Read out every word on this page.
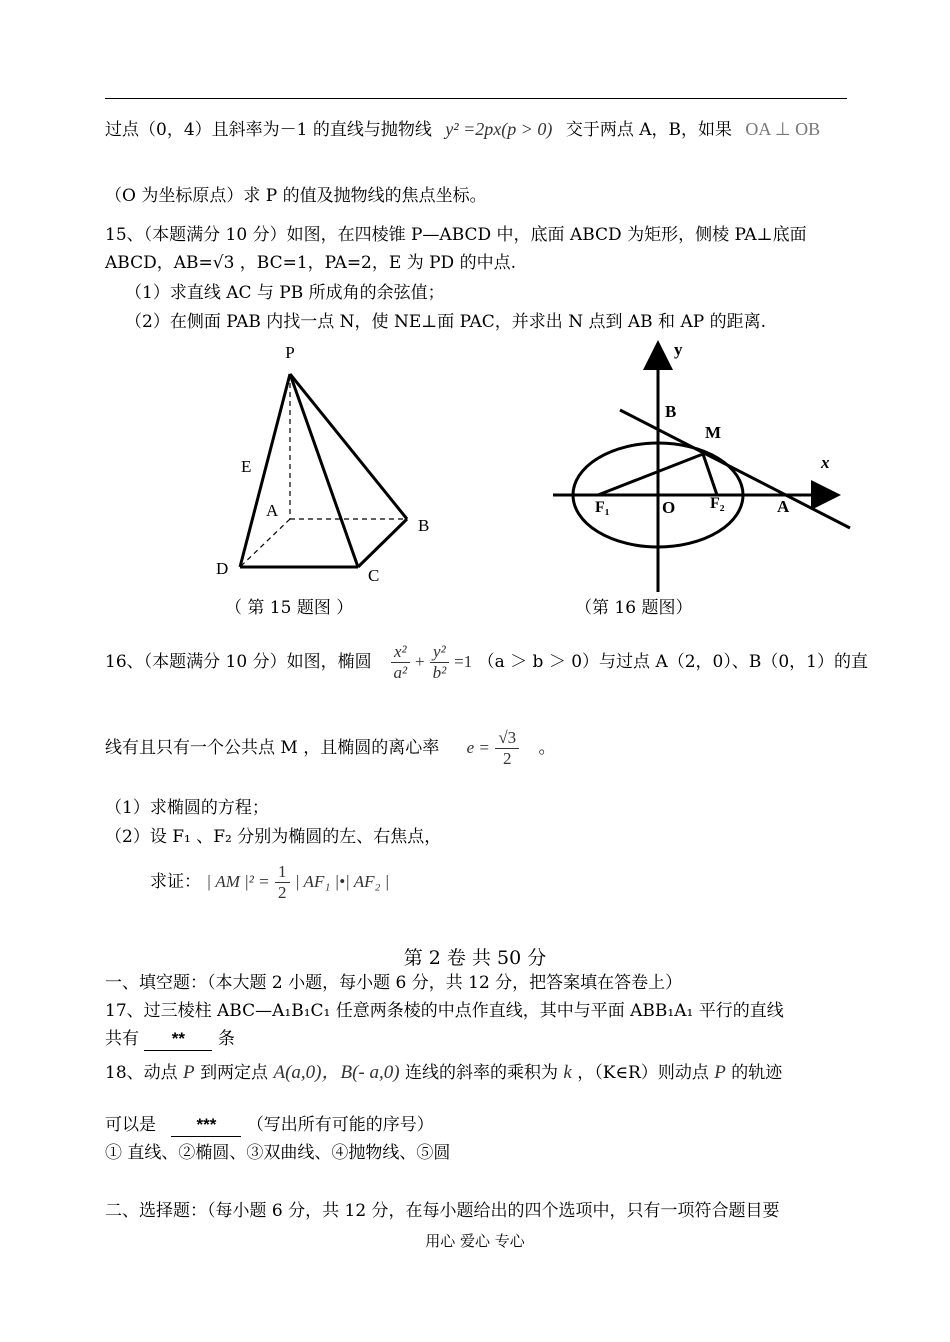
过点（0，4）且斜率为－1 的直线与抛物线 y² =2px(p > 0) 交于两点 A，B，如果 OA ⊥ OB
（O 为坐标原点）求 P 的值及抛物线的焦点坐标。
15、（本题满分 10 分）如图，在四棱锥 P—ABCD 中，底面 ABCD 为矩形，侧棱 PA⊥底面
ABCD，AB=√3 ，BC=1，PA=2，E 为 PD 的中点.
（1）求直线 AC 与 PB 所成角的余弦值；
（2）在侧面 PAB 内找一点 N，使 NE⊥面 PAC，并求出 N 点到 AB 和 AP 的距离.
P
E
A
B
C
D
（ 第 15 题图 ）
y
x
B
M
O
F₁	F₂	A
（第 16 题图）
16、（本题满分 10 分）如图，椭圆 $\frac{\text{x²}}{\text{a²}} + \frac{\text{y²}}{\text{b²}} =1$ （a ＞ b ＞ 0）与过点 A（2，0）、B（0，1）的直
线有且只有一个公共点 M ，且椭圆的离心率 $e = \frac{√3}{2}$ 。
（1）求椭圆的方程；
（2）设 F₁ 、F₂ 分别为椭圆的左、右焦点，
求证： | AM $|^2 = \frac{1}{2}$ | AF₁ |•| AF₂ |
第 2 卷 共 50 分
一、填空题：（本大题 2 小题，每小题 6 分，共 12 分，把答案填在答卷上）
17、过三棱柱 ABC—A₁B₁C₁ 任意两条棱的中点作直线，其中与平面 ABB₁A₁ 平行的直线
共有 ** 条
18、动点 P 到两定点 A(a,0)，B(- a,0) 连线的斜率的乘积为 k ，（K∈R）则动点 P 的轨迹
可以是 *** （写出所有可能的序号）
① 直线、②椭圆、③双曲线、④抛物线、⑤圆
二、选择题：（每小题 6 分，共 12 分，在每小题给出的四个选项中，只有一项符合题目要
用心 爱心 专心
